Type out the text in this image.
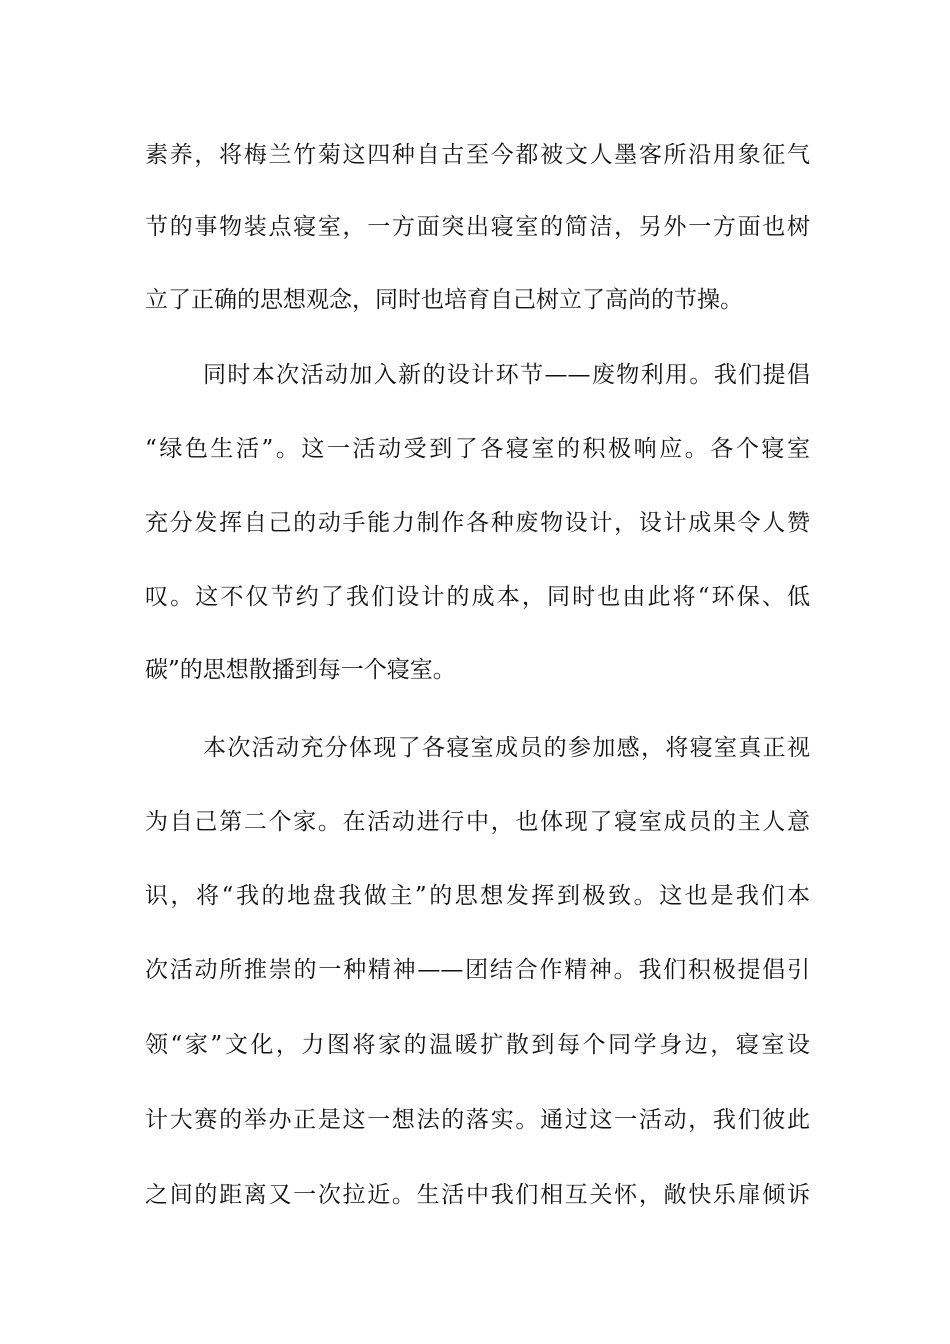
素养，将梅兰竹菊这四种自古至今都被文人墨客所沿用象征气
节的事物装点寝室，一方面突出寝室的简洁，另外一方面也树
立了正确的思想观念，同时也培育自己树立了高尚的节操。
同时本次活动加入新的设计环节——废物利用。我们提倡
“绿色生活”。这一活动受到了各寝室的积极响应。各个寝室
充分发挥自己的动手能力制作各种废物设计，设计成果令人赞
叹。这不仅节约了我们设计的成本，同时也由此将“环保、低
碳”的思想散播到每一个寝室。
本次活动充分体现了各寝室成员的参加感，将寝室真正视
为自己第二个家。在活动进行中，也体现了寝室成员的主人意
识，将“我的地盘我做主”的思想发挥到极致。这也是我们本
次活动所推崇的一种精神——团结合作精神。我们积极提倡引
领“家”文化，力图将家的温暖扩散到每个同学身边，寝室设
计大赛的举办正是这一想法的落实。通过这一活动，我们彼此
之间的距离又一次拉近。生活中我们相互关怀，敞快乐扉倾诉
